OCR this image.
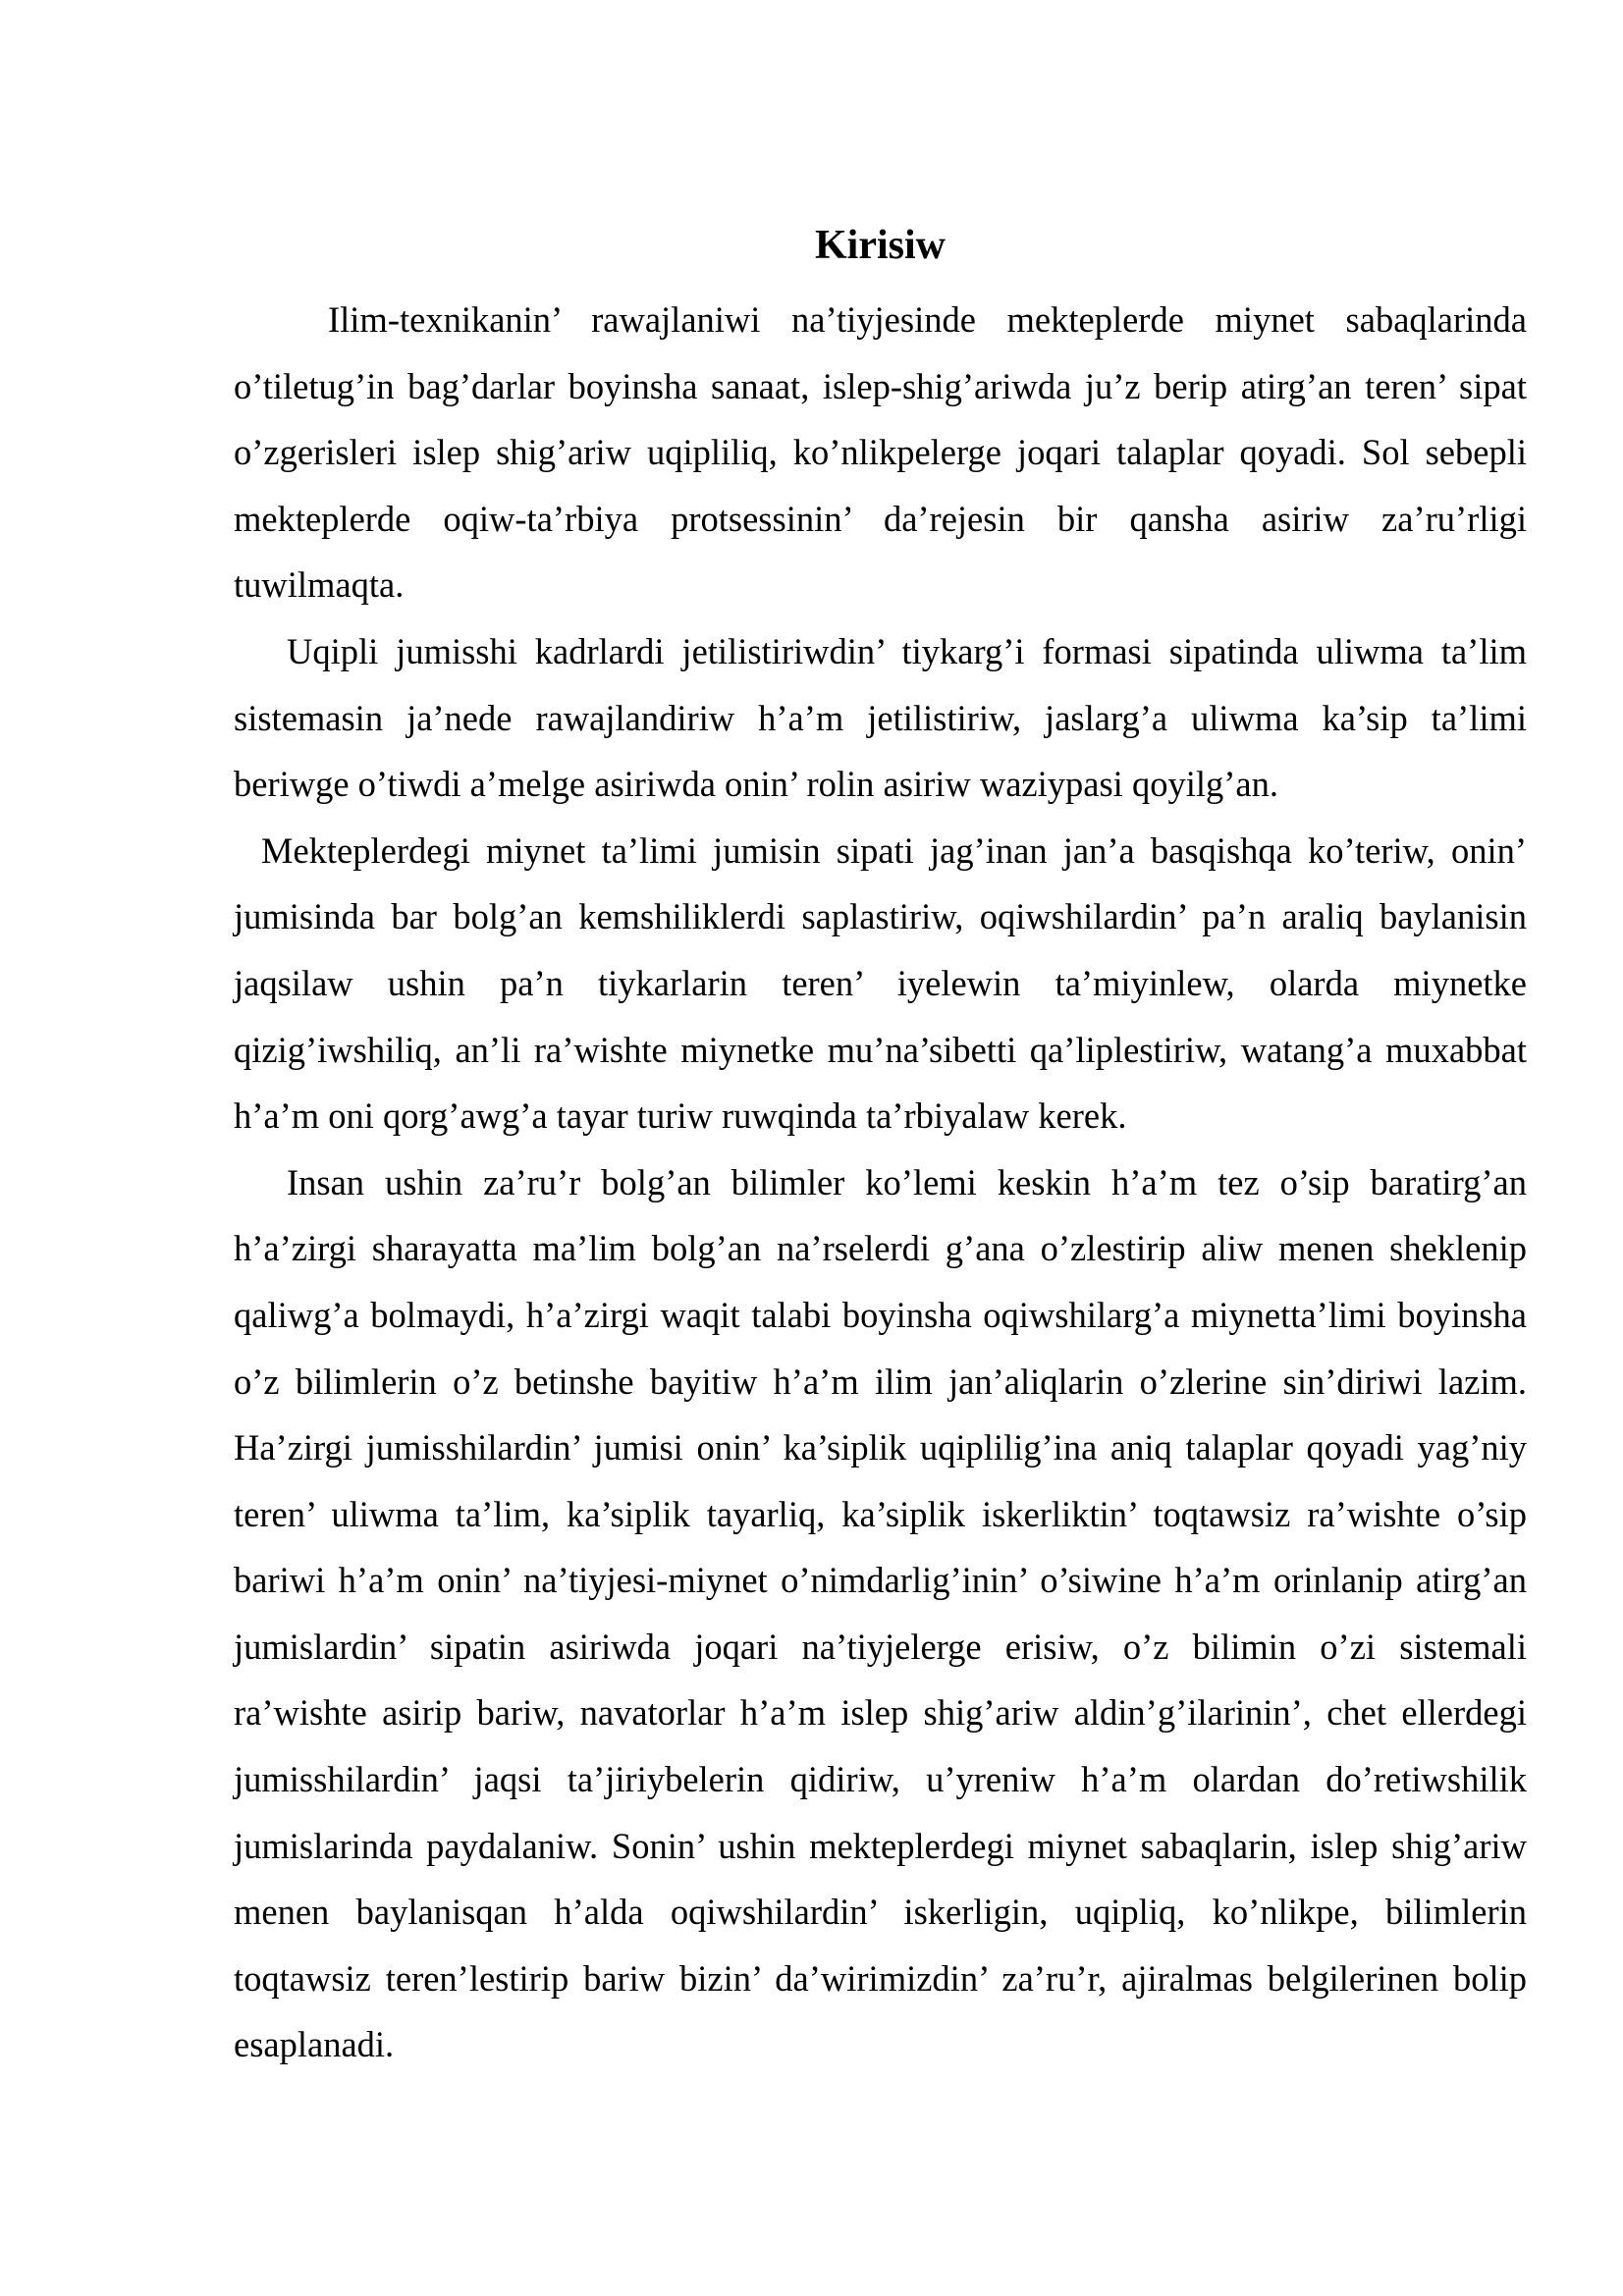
Kirisiw

Ilim-texnikanin’ rawajlaniwi na’tiyjesinde mekteplerde miynet sabaqlarinda o’tiletug’in bag’darlar boyinsha sanaat, islep-shig’ariwda ju’z berip atirg’an teren’ sipat o’zgerisleri islep shig’ariw uqipliliq, ko’nlikpelerge joqari talaplar qoyadi. Sol sebepli mekteplerde oqiw-ta’rbiya protsessinin’ da’rejesin bir qansha asiriw za’ru’rligi tuwilmaqta.

Uqipli jumisshi kadrlardi jetilistiriwdin’ tiykarg’i formasi sipatinda uliwma ta’lim sistemasin ja’nede rawajlandiriw h’a’m jetilistiriw, jaslarg’a uliwma ka’sip ta’limi beriwge o’tiwdi a’melge asiriwda onin’ rolin asiriw waziypasi qoyilg’an.

Mekteplerdegi miynet ta’limi jumisin sipati jag’inan jan’a basqishqa ko’teriw, onin’ jumisinda bar bolg’an kemshiliklerdi saplastiriw, oqiwshilardin’ pa’n araliq baylanisin jaqsilaw ushin pa’n tiykarlarin teren’ iyelewin ta’miyinlew, olarda miynetke qizig’iwshiliq, an’li ra’wishte miynetke mu’na’sibetti qa’liplestiriw, watang’a muxabbat h’a’m oni qorg’awg’a tayar turiw ruwqinda ta’rbiyalaw kerek.

Insan ushin za’ru’r bolg’an bilimler ko’lemi keskin h’a’m tez o’sip baratirg’an h’a’zirgi sharayatta ma’lim bolg’an na’rselerdi g’ana o’zlestirip aliw menen sheklenip qaliwg’a bolmaydi, h’a’zirgi waqit talabi boyinsha oqiwshilarg’a miynetta’limi boyinsha o’z bilimlerin o’z betinshe bayitiw h’a’m ilim jan’aliqlarin o’zlerine sin’diriwi lazim. Ha’zirgi jumisshilardin’ jumisi onin’ ka’siplik uqiplilig’ina aniq talaplar qoyadi yag’niy teren’ uliwma ta’lim, ka’siplik tayarliq, ka’siplik iskerliktin’ toqtawsiz ra’wishte o’sip bariwi h’a’m onin’ na’tiyjesi-miynet o’nimdarlig’inin’ o’siwine h’a’m orinlanip atirg’an jumislardin’ sipatin asiriwda joqari na’tiyjelerge erisiw, o’z bilimin o’zi sistemali ra’wishte asirip bariw, navatorlar h’a’m islep shig’ariw aldin’g’ilarinin’, chet ellerdegi jumisshilardin’ jaqsi ta’jiriybelerin qidiriw, u’yreniw h’a’m olardan do’retiwshilik jumislarinda paydalaniw. Sonin’ ushin mekteplerdegi miynet sabaqlarin, islep shig’ariw menen baylanisqan h’alda oqiwshilardin’ iskerligin, uqipliq, ko’nlikpe, bilimlerin toqtawsiz teren’lestirip bariw bizin’ da’wirimizdin’ za’ru’r, ajiralmas belgilerinen bolip esaplanadi.
